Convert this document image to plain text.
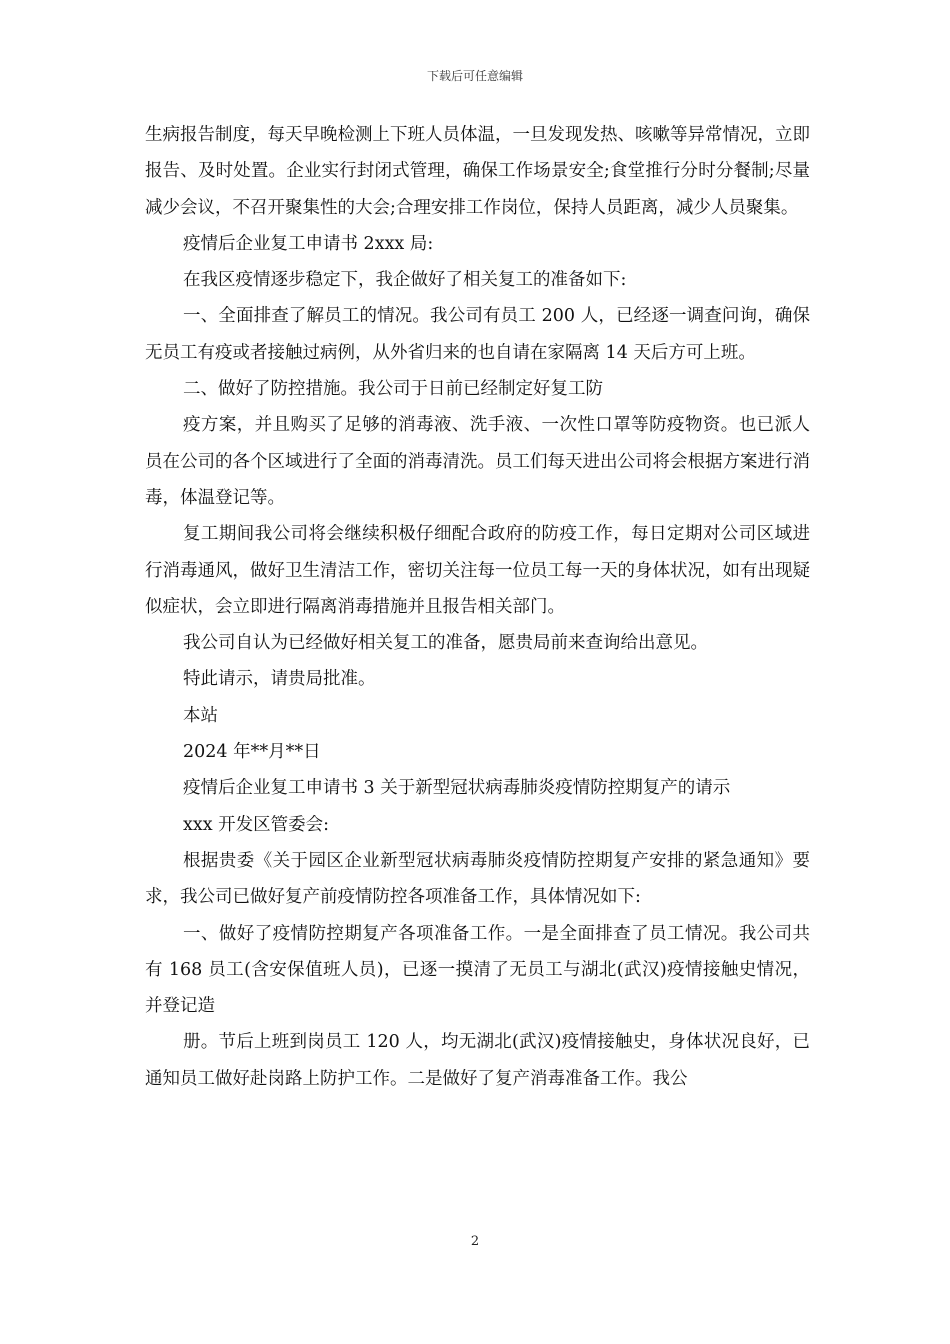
下载后可任意编辑

生病报告制度，每天早晚检测上下班人员体温，一旦发现发热、咳嗽等异常情况，立即报告、及时处置。企业实行封闭式管理，确保工作场景安全;食堂推行分时分餐制;尽量减少会议，不召开聚集性的大会;合理安排工作岗位，保持人员距离，减少人员聚集。

疫情后企业复工申请书 2xxx 局:

在我区疫情逐步稳定下，我企做好了相关复工的准备如下:

一、全面排查了解员工的情况。我公司有员工 200 人，已经逐一调查问询，确保无员工有疫或者接触过病例，从外省归来的也自请在家隔离 14 天后方可上班。

二、做好了防控措施。我公司于日前已经制定好复工防

疫方案，并且购买了足够的消毒液、洗手液、一次性口罩等防疫物资。也已派人员在公司的各个区域进行了全面的消毒清洗。员工们每天进出公司将会根据方案进行消毒，体温登记等。

复工期间我公司将会继续积极仔细配合政府的防疫工作，每日定期对公司区域进行消毒通风，做好卫生清洁工作，密切关注每一位员工每一天的身体状况，如有出现疑似症状，会立即进行隔离消毒措施并且报告相关部门。

我公司自认为已经做好相关复工的准备，愿贵局前来查询给出意见。

特此请示，请贵局批准。

本站

2024 年**月**日

疫情后企业复工申请书 3 关于新型冠状病毒肺炎疫情防控期复产的请示

xxx 开发区管委会:

根据贵委《关于园区企业新型冠状病毒肺炎疫情防控期复产安排的紧急通知》要求，我公司已做好复产前疫情防控各项准备工作，具体情况如下:

一、做好了疫情防控期复产各项准备工作。一是全面排查了员工情况。我公司共有 168 员工(含安保值班人员)，已逐一摸清了无员工与湖北(武汉)疫情接触史情况，并登记造

册。节后上班到岗员工 120 人，均无湖北(武汉)疫情接触史，身体状况良好，已通知员工做好赴岗路上防护工作。二是做好了复产消毒准备工作。我公

2
